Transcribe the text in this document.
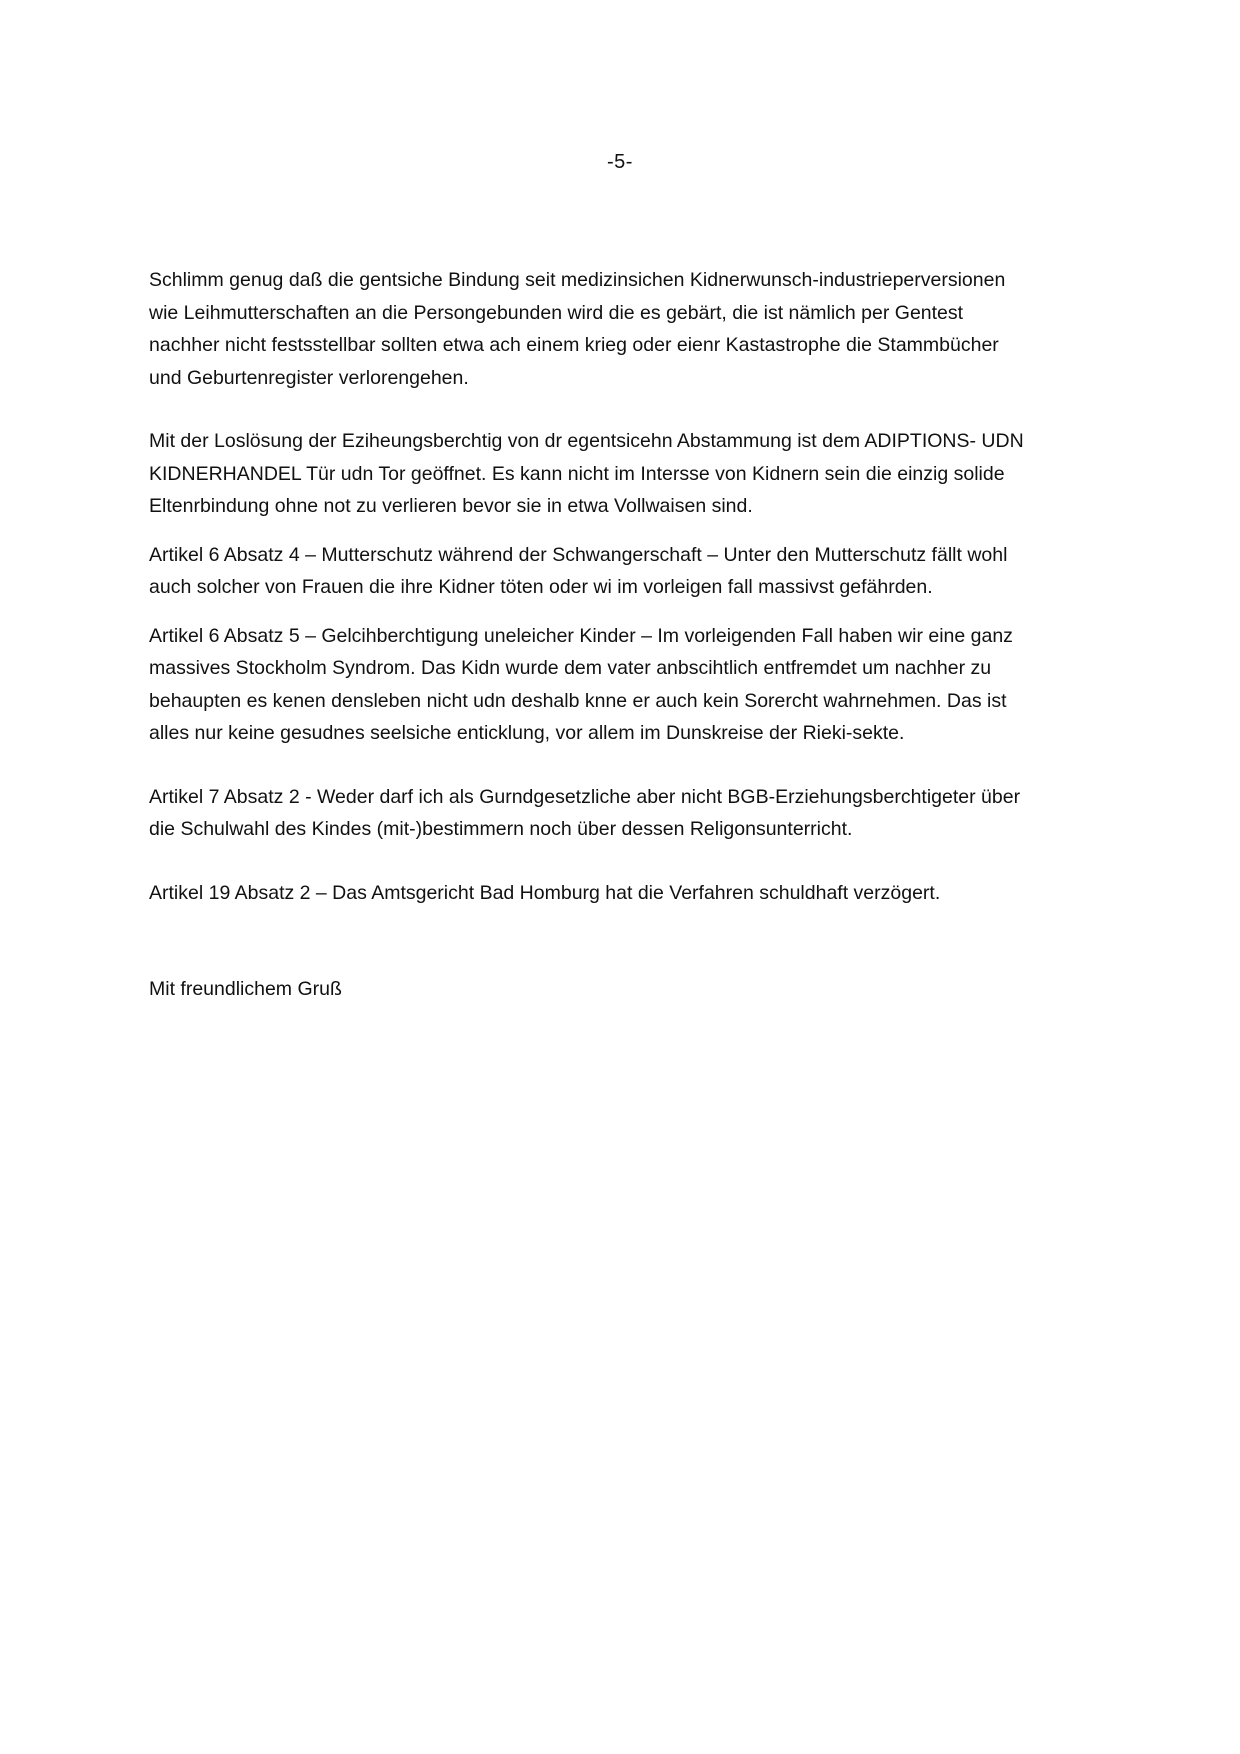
-5-

Schlimm genug daß die gentsiche Bindung seit medizinsichen Kidnerwunsch-industrieperversionen
wie Leihmutterschaften an die Persongebunden wird die es gebärt, die ist nämlich per Gentest
nachher nicht festsstellbar sollten etwa ach einem krieg oder eienr Kastastrophe die Stammbücher
und Geburtenregister verlorengehen.

Mit der Loslösung der Eziheungsberchtig von dr egentsicehn Abstammung ist dem ADIPTIONS- UDN
KIDNERHANDEL Tür udn Tor geöffnet. Es kann nicht im Intersse von Kidnern sein die einzig solide
Eltenrbindung ohne not zu verlieren bevor sie in etwa Vollwaisen sind.

Artikel 6 Absatz 4 – Mutterschutz während der Schwangerschaft – Unter den Mutterschutz fällt wohl
auch solcher von Frauen die ihre Kidner töten oder wi im vorleigen fall massivst gefährden.

Artikel 6 Absatz 5 – Gelcihberchtigung uneleicher Kinder – Im vorleigenden Fall haben wir eine ganz
massives Stockholm Syndrom. Das Kidn wurde dem vater anbscihtlich entfremdet um nachher zu
behaupten es kenen densleben nicht udn deshalb knne er auch kein Sorercht wahrnehmen. Das ist
alles nur keine gesudnes seelsiche enticklung, vor allem im Dunskreise der Rieki-sekte.

Artikel 7 Absatz 2 - Weder darf ich als Gurndgesetzliche aber nicht BGB-Erziehungsberchtigeter über
die Schulwahl des Kindes (mit-)bestimmern noch über dessen Religonsunterricht.

Artikel 19 Absatz 2 – Das Amtsgericht Bad Homburg hat die Verfahren schuldhaft verzögert.

Mit freundlichem Gruß
